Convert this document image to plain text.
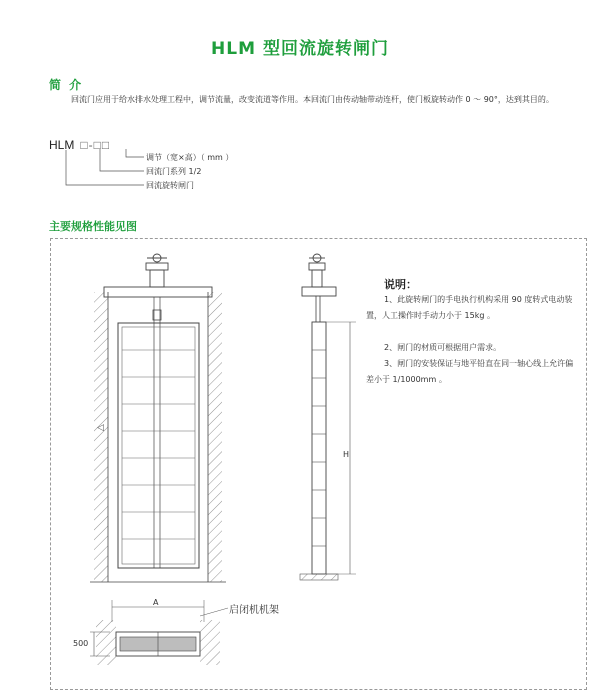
HLM 型回流旋转闸门
简 介
回流门应用于给水排水处理工程中，调节流量，改变流道等作用。本回流门由传动轴带动连杆，使门板旋转动作 0 ～ 90°，达到其目的。
HLM □-□□
调节（宽×高）（ mm ）
回流门系列 1/2
回流旋转闸门
主要规格性能见图
◁
A
H
500
启闭机机架
说明：
1、此旋转闸门的手电执行机构采用 90 度转式电动装置，人工操作时手动力小于 15kg 。
2、闸门的材质可根据用户需求。
3、闸门的安装保证与地平铅直在同一轴心线上允许偏差小于 1/1000mm 。
